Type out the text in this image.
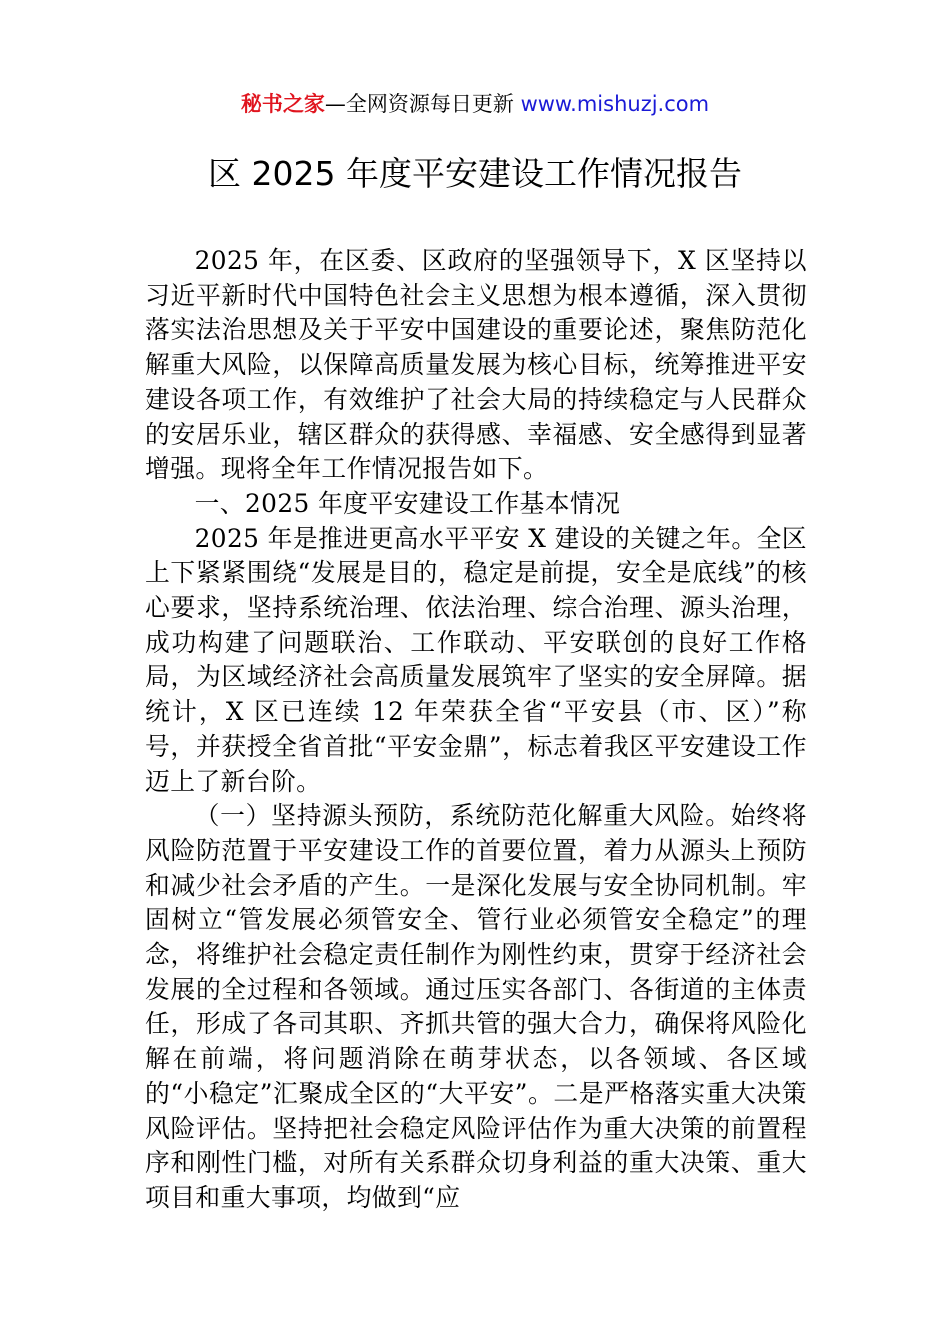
秘书之家—全网资源每日更新 www.mishuzj.com
区 2025 年度平安建设工作情况报告

2025 年，在区委、区政府的坚强领导下，X 区坚持以习近平新时代中国特色社会主义思想为根本遵循，深入贯彻落实法治思想及关于平安中国建设的重要论述，聚焦防范化解重大风险，以保障高质量发展为核心目标，统筹推进平安建设各项工作，有效维护了社会大局的持续稳定与人民群众的安居乐业，辖区群众的获得感、幸福感、安全感得到显著增强。现将全年工作情况报告如下。

一、2025 年度平安建设工作基本情况

2025 年是推进更高水平平安 X 建设的关键之年。全区上下紧紧围绕“发展是目的，稳定是前提，安全是底线”的核心要求，坚持系统治理、依法治理、综合治理、源头治理，成功构建了问题联治、工作联动、平安联创的良好工作格局，为区域经济社会高质量发展筑牢了坚实的安全屏障。据统计，X 区已连续 12 年荣获全省“平安县（市、区）”称号，并获授全省首批“平安金鼎”，标志着我区平安建设工作迈上了新台阶。

（一）坚持源头预防，系统防范化解重大风险。始终将风险防范置于平安建设工作的首要位置，着力从源头上预防和减少社会矛盾的产生。一是深化发展与安全协同机制。牢固树立“管发展必须管安全、管行业必须管安全稳定”的理念，将维护社会稳定责任制作为刚性约束，贯穿于经济社会发展的全过程和各领域。通过压实各部门、各街道的主体责任，形成了各司其职、齐抓共管的强大合力，确保将风险化解在前端，将问题消除在萌芽状态，以各领域、各区域的“小稳定”汇聚成全区的“大平安”。二是严格落实重大决策风险评估。坚持把社会稳定风险评估作为重大决策的前置程序和刚性门槛，对所有关系群众切身利益的重大决策、重大项目和重大事项，均做到“应
